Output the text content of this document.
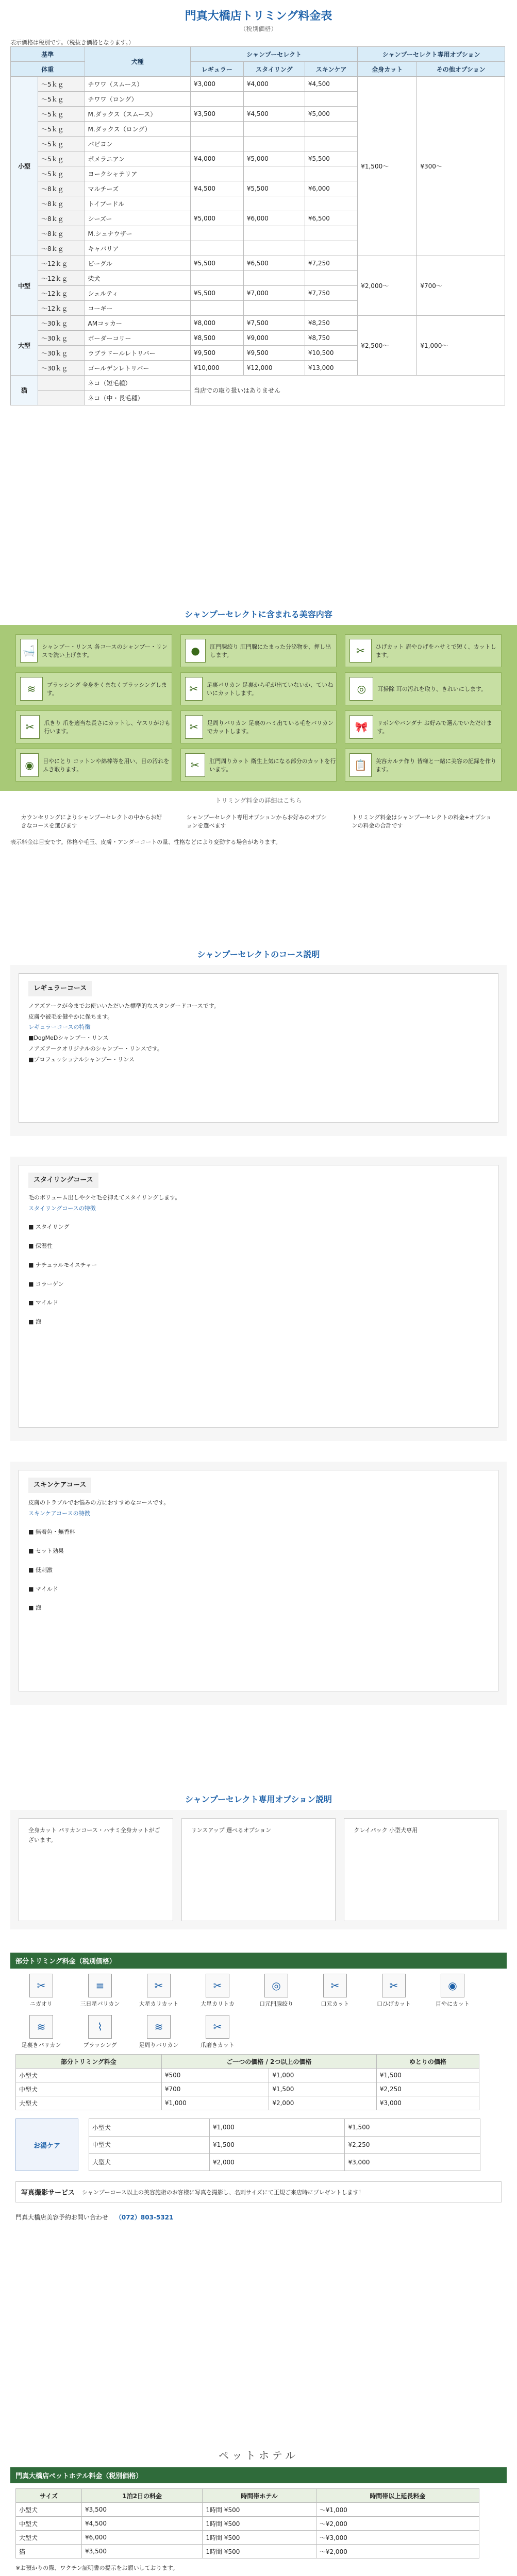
門真大橋店トリミング料金表
（税別価格）
表示価格は税別です。（税抜き価格となります。）
基準		犬種	シャンプーセレクト			シャンプーセレクト専用オプション	
体重			レギュラー	スタイリング	スキンケア	全身カット	その他オプション
小型	～5ｋｇ	チワワ（スムース）	¥3,000	¥4,000	¥4,500	¥1,500～	¥300～
	～5ｋｇ	チワワ（ロング）					
	～5ｋｇ	M.ダックス（スムース）	¥3,500	¥4,500	¥5,000		
	～5ｋｇ	M.ダックス（ロング）					
	～5ｋｇ	パピヨン					
	～5ｋｇ	ポメラニアン	¥4,000	¥5,000	¥5,500		
	～5ｋｇ	ヨークシャテリア					
	～8ｋｇ	マルチーズ	¥4,500	¥5,500	¥6,000		
	～8ｋｇ	トイプードル					
	～8ｋｇ	シーズー	¥5,000	¥6,000	¥6,500		
	～8ｋｇ	M.シュナウザー					
	～8ｋｇ	キャバリア					
中型	～12ｋｇ	ビーグル	¥5,500	¥6,500	¥7,250	¥2,000～	¥700～
	～12ｋｇ	柴犬					
	～12ｋｇ	シェルティ	¥5,500	¥7,000	¥7,750		
	～12ｋｇ	コーギー					
大型	～30ｋｇ	AMコッカー	¥8,000	¥7,500	¥8,250	¥2,500～	¥1,000～
	～30ｋｇ	ボーダーコリー	¥8,500	¥9,000	¥8,750		
	～30ｋｇ	ラブラドールレトリバー	¥9,500	¥9,500	¥10,500		
	～30ｋｇ	ゴールデンレトリバー	¥10,000	¥12,000	¥13,000		
猫		ネコ（短毛種）	当店での取り扱いはありません				
		ネコ（中・長毛種）					
シャンプーセレクトに含まれる美容内容
🛁	シャンプー・リンス 各コースのシャンプー・リンスで洗い上げます。	●	肛門腺絞り 肛門腺にたまった分泌物を、押し出します。	✂	ひげカット 眉やひげをハサミで短く、カットします。
≋	ブラッシング 全身をくまなくブラッシングします。	✂	足裏バリカン 足裏から毛が出ていないか、ていねいにカットします。	◎	耳掃除 耳の汚れを取り、きれいにします。
✂	爪きり 爪を適当な長さにカットし、ヤスリがけも行います。	✂	足周りバリカン 足裏のハミ出ている毛をバリカンでカットします。	🎀	リボンやバンダナ お好みで選んでいただけます。
◉	目やにとり コットンや綿棒等を用い、目の汚れをふき取ります。	✂	肛門周りカット 衛生上気になる部分のカットを行います。	📋	美容カルテ作り 皆様と一緒に美容の記録を作ります。
トリミング料金の詳細はこちら
カウンセリングによりシャンプーセレクトの中からお好きなコースを選びます
シャンプーセレクト専用オプションからお好みのオプションを選べます
トリミング料金はシャンプーセレクトの料金+オプションの料金の合計です
表示料金は目安です。体格や毛玉、皮膚・アンダーコートの量、性格などにより変動する場合があります。
シャンプーセレクトのコース説明
レギュラーコース
ノアズアークが今までお使いいただいた標準的なスタンダードコースです。
皮膚や被毛を健やかに保ちます。
レギュラーコースの特徴
■DogMeDシャンプー・リンス
ノアズアークオリジナルのシャンプー・リンスです。
■プロフェッショナルシャンプー・リンス
スタイリングコース
毛のボリューム出しやクセ毛を抑えてスタイリングします。
スタイリングコースの特徴
■ スタイリング
■ 保湿性
■ ナチュラルモイスチャー
■ コラーゲン
■ マイルド
■ 泡
スキンケアコース
皮膚のトラブルでお悩みの方におすすめなコースです。
スキンケアコースの特徴
■ 無着色・無香料
■ セット効果
■ 低刺激
■ マイルド
■ 泡
シャンプーセレクト専用オプション説明
全身カット パリカンコース・ハサミ全身カットがございます。
リンスアップ 選べるオプション	クレイパック 小型犬専用
部分トリミング料金（税別価格）
✂
ニガオリ
≡
三日星バリカン
✂
大星カリカット
✂
大星カリトカ
◎
口元門腺絞り
✂
口元カット
✂
口ひげカット
◉
目やにカット
≋
足裏きバリカン
⌇
ブラッシング
≋
足周りバリカン
✂
爪磨きカット
部分トリミング料金	ご一つの価格 / 2つ以上の価格		ゆとりの価格
小型犬	¥500	¥1,000	¥1,500
中型犬	¥700	¥1,500	¥2,250
大型犬	¥1,000	¥2,000	¥3,000
お湯ケア
小型犬	¥1,000	¥1,500
中型犬	¥1,500	¥2,250
大型犬	¥2,000	¥3,000
写真撮影サービス シャンプーコース以上の美容施術のお客様に写真を撮影し、名刺サイズにて正規ご来店時にプレゼントします！
門真大橋店美容予約お問い合わせ （072）803-5321
ペットホテル
門真大橋店ペットホテル料金（税別価格）
サイズ	1泊2日の料金	時間帯ホテル	時間帯以上延長料金
小型犬	¥3,500	1時間 ¥500	～¥1,000
中型犬	¥4,500	1時間 ¥500	～¥2,000
大型犬	¥6,000	1時間 ¥500	～¥3,000
猫	¥3,500	1時間 ¥500	～¥2,000
※お預かりの際、ワクチン証明書の提示をお願いしております。
